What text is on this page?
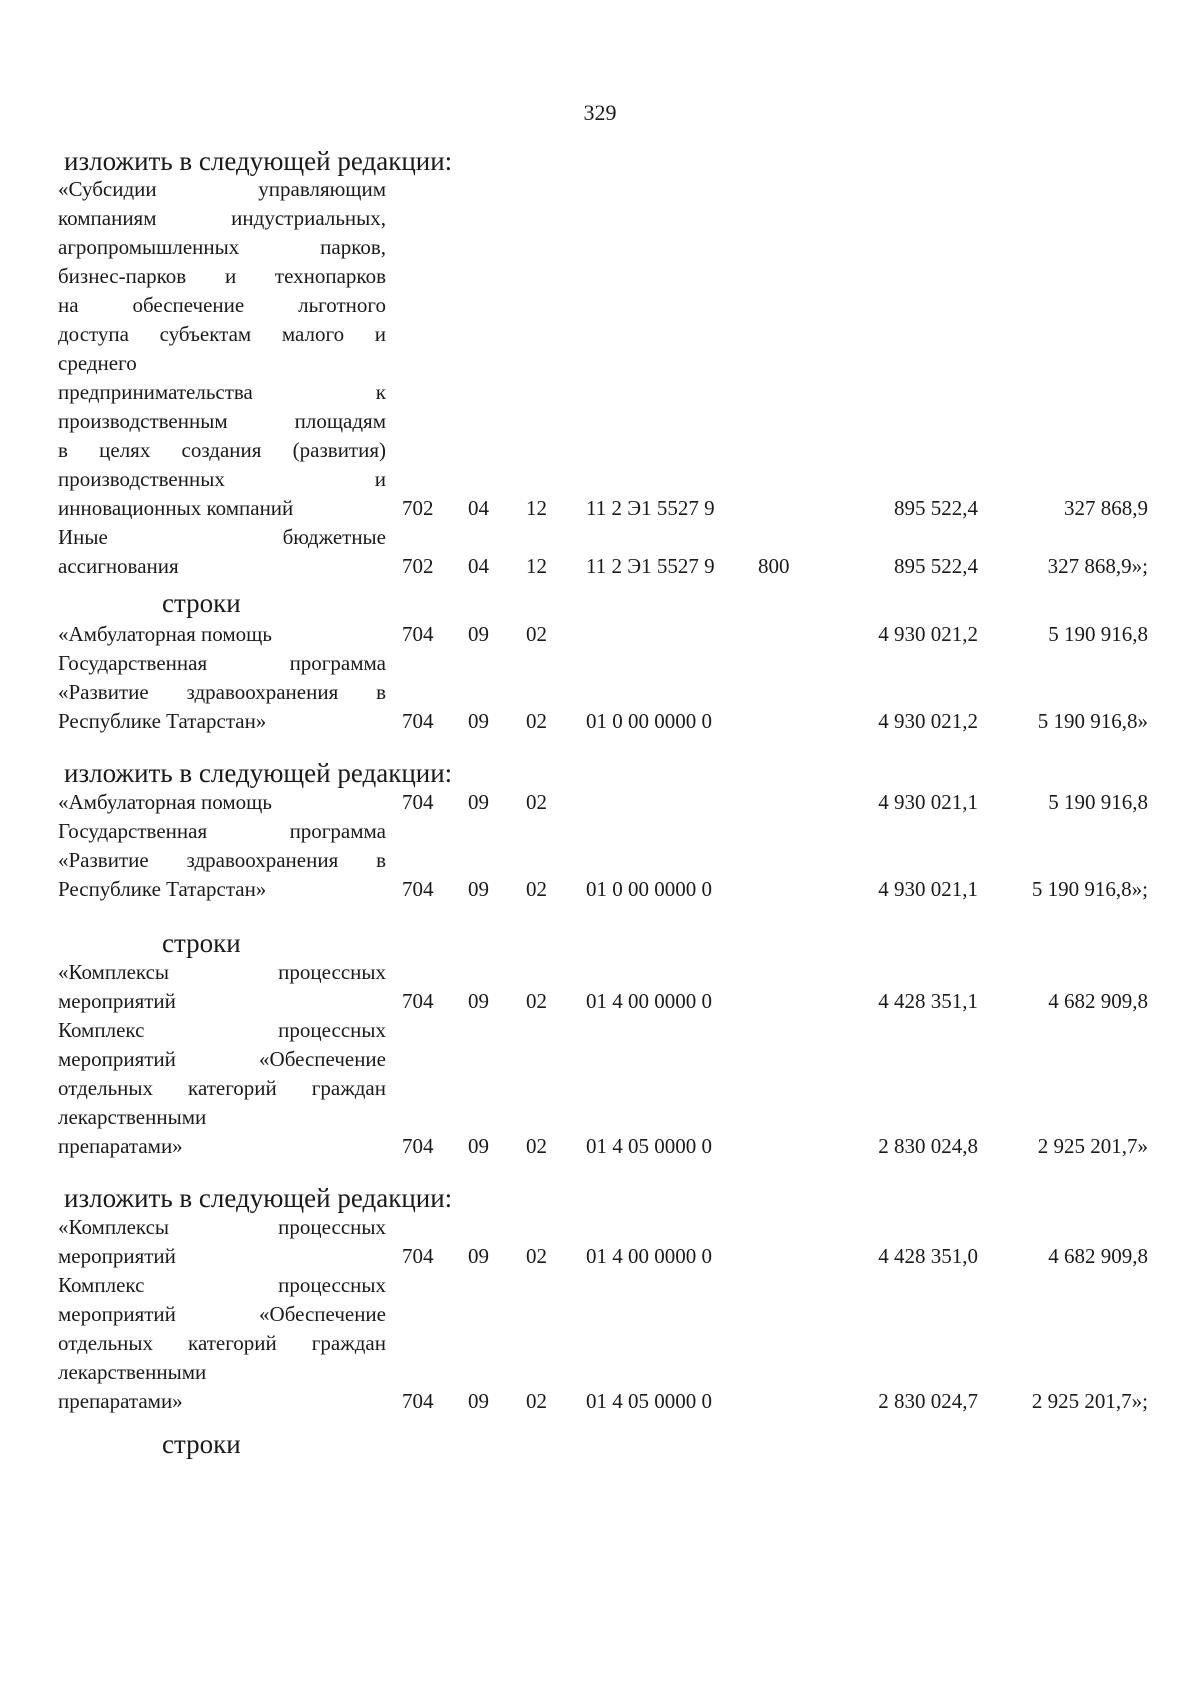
329
изложить в следующей редакции:
«Субсидии управляющим
компаниям индустриальных,
агропромышленных парков,
бизнес-парков и технопарков
на обеспечение льготного
доступа субъектам малого и
среднего
предпринимательства к
производственным площадям
в целях создания (развития)
производственных и
инновационных компаний	702 04 12 11 2 Э1 5527 9	895 522,4	327 868,9
Иные бюджетные
ассигнования	702 04 12 11 2 Э1 5527 9 800	895 522,4	327 868,9»;
строки
«Амбулаторная помощь	704 09 02	4 930 021,2	5 190 916,8
Государственная программа
«Развитие здравоохранения в
Республике Татарстан»	704 09 02 01 0 00 0000 0	4 930 021,2	5 190 916,8»
изложить в следующей редакции:
«Амбулаторная помощь	704 09 02	4 930 021,1	5 190 916,8
Государственная программа
«Развитие здравоохранения в
Республике Татарстан»	704 09 02 01 0 00 0000 0	4 930 021,1	5 190 916,8»;
строки
«Комплексы процессных
мероприятий	704 09 02 01 4 00 0000 0	4 428 351,1	4 682 909,8
Комплекс процессных
мероприятий «Обеспечение
отдельных категорий граждан
лекарственными
препаратами»	704 09 02 01 4 05 0000 0	2 830 024,8	2 925 201,7»
изложить в следующей редакции:
«Комплексы процессных
мероприятий	704 09 02 01 4 00 0000 0	4 428 351,0	4 682 909,8
Комплекс процессных
мероприятий «Обеспечение
отдельных категорий граждан
лекарственными
препаратами»	704 09 02 01 4 05 0000 0	2 830 024,7	2 925 201,7»;
строки
